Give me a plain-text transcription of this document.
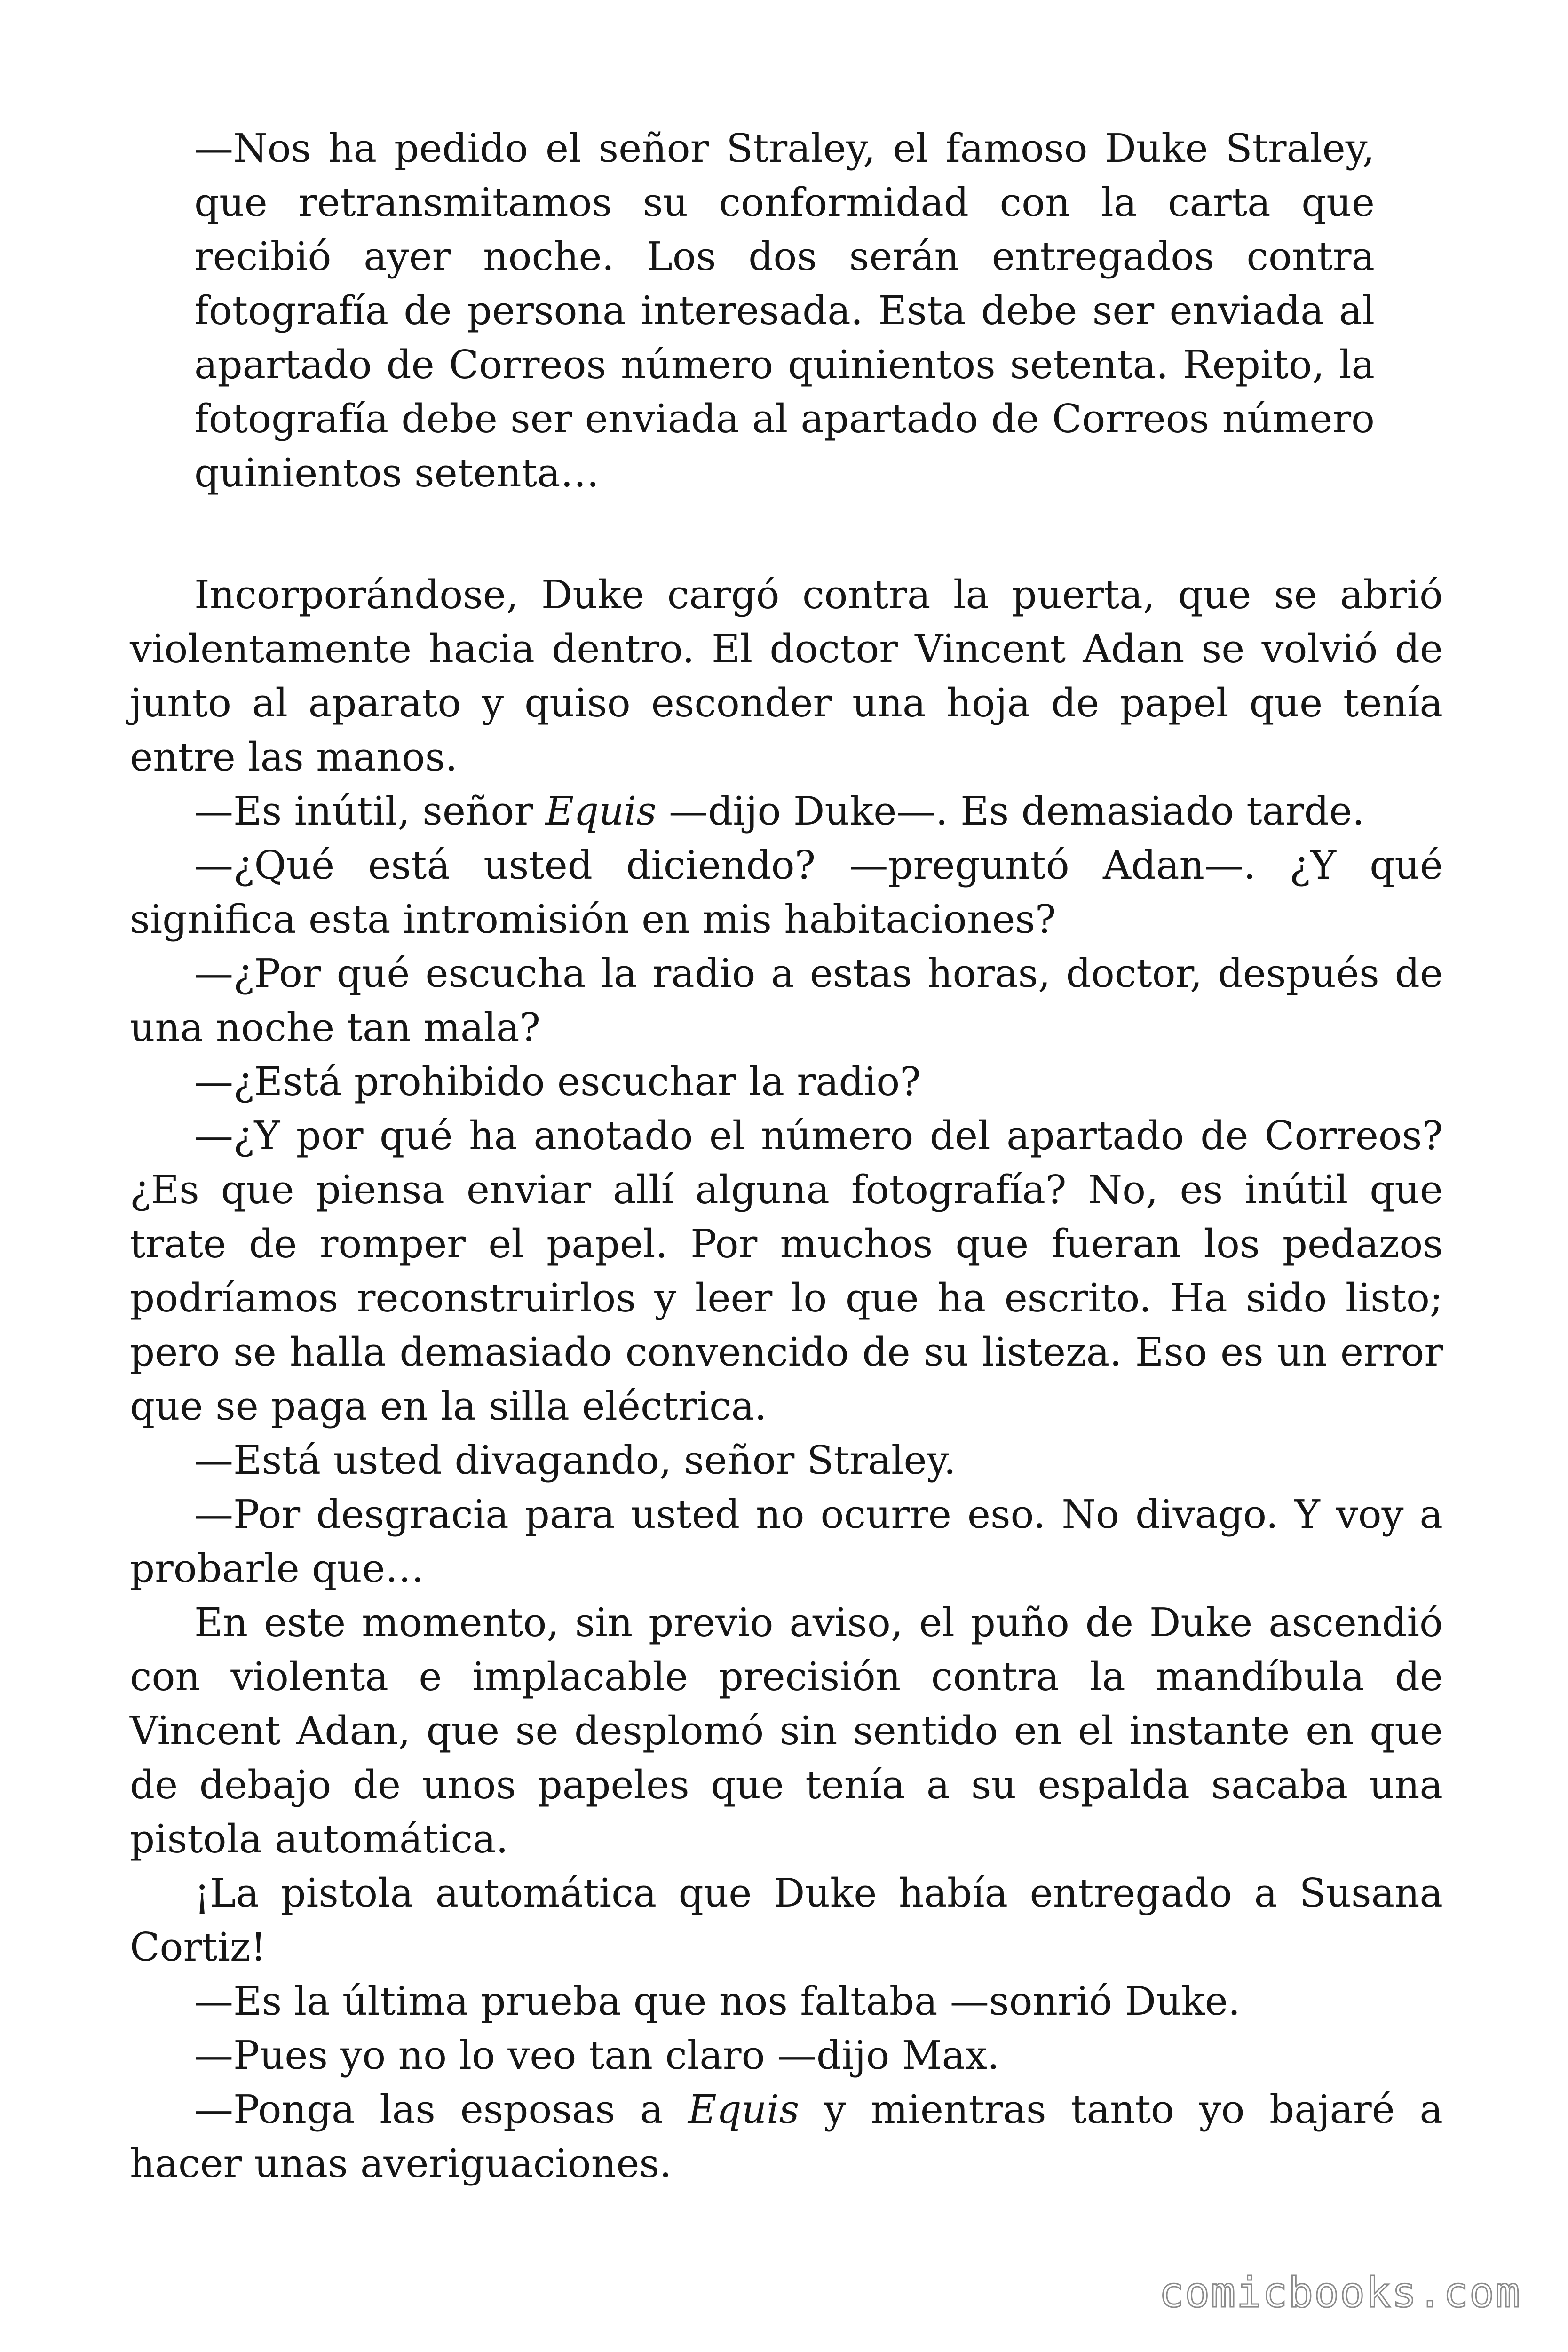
—Nos ha pedido el señor Straley, el famoso Duke Straley, que retransmitamos su conformidad con la carta que recibió ayer noche. Los dos serán entregados contra fotografía de persona interesada. Esta debe ser enviada al apartado de Correos número quinientos setenta. Repito, la fotografía debe ser enviada al apartado de Correos número quinientos setenta…

Incorporándose, Duke cargó contra la puerta, que se abrió violentamente hacia dentro. El doctor Vincent Adan se volvió de junto al aparato y quiso esconder una hoja de papel que tenía entre las manos.

—Es inútil, señor Equis —dijo Duke—. Es demasiado tarde.

—¿Qué está usted diciendo? —preguntó Adan—. ¿Y qué significa esta intromisión en mis habitaciones?

—¿Por qué escucha la radio a estas horas, doctor, después de una noche tan mala?

—¿Está prohibido escuchar la radio?

—¿Y por qué ha anotado el número del apartado de Correos? ¿Es que piensa enviar allí alguna fotografía? No, es inútil que trate de romper el papel. Por muchos que fueran los pedazos podríamos reconstruirlos y leer lo que ha escrito. Ha sido listo; pero se halla demasiado convencido de su listeza. Eso es un error que se paga en la silla eléctrica.

—Está usted divagando, señor Straley.

—Por desgracia para usted no ocurre eso. No divago. Y voy a probarle que…

En este momento, sin previo aviso, el puño de Duke ascendió con violenta e implacable precisión contra la mandíbula de Vincent Adan, que se desplomó sin sentido en el instante en que de debajo de unos papeles que tenía a su espalda sacaba una pistola automática.

¡La pistola automática que Duke había entregado a Susana Cortiz!

—Es la última prueba que nos faltaba —sonrió Duke.

—Pues yo no lo veo tan claro —dijo Max.

—Ponga las esposas a Equis y mientras tanto yo bajaré a hacer unas averiguaciones.

comicbooks.com
